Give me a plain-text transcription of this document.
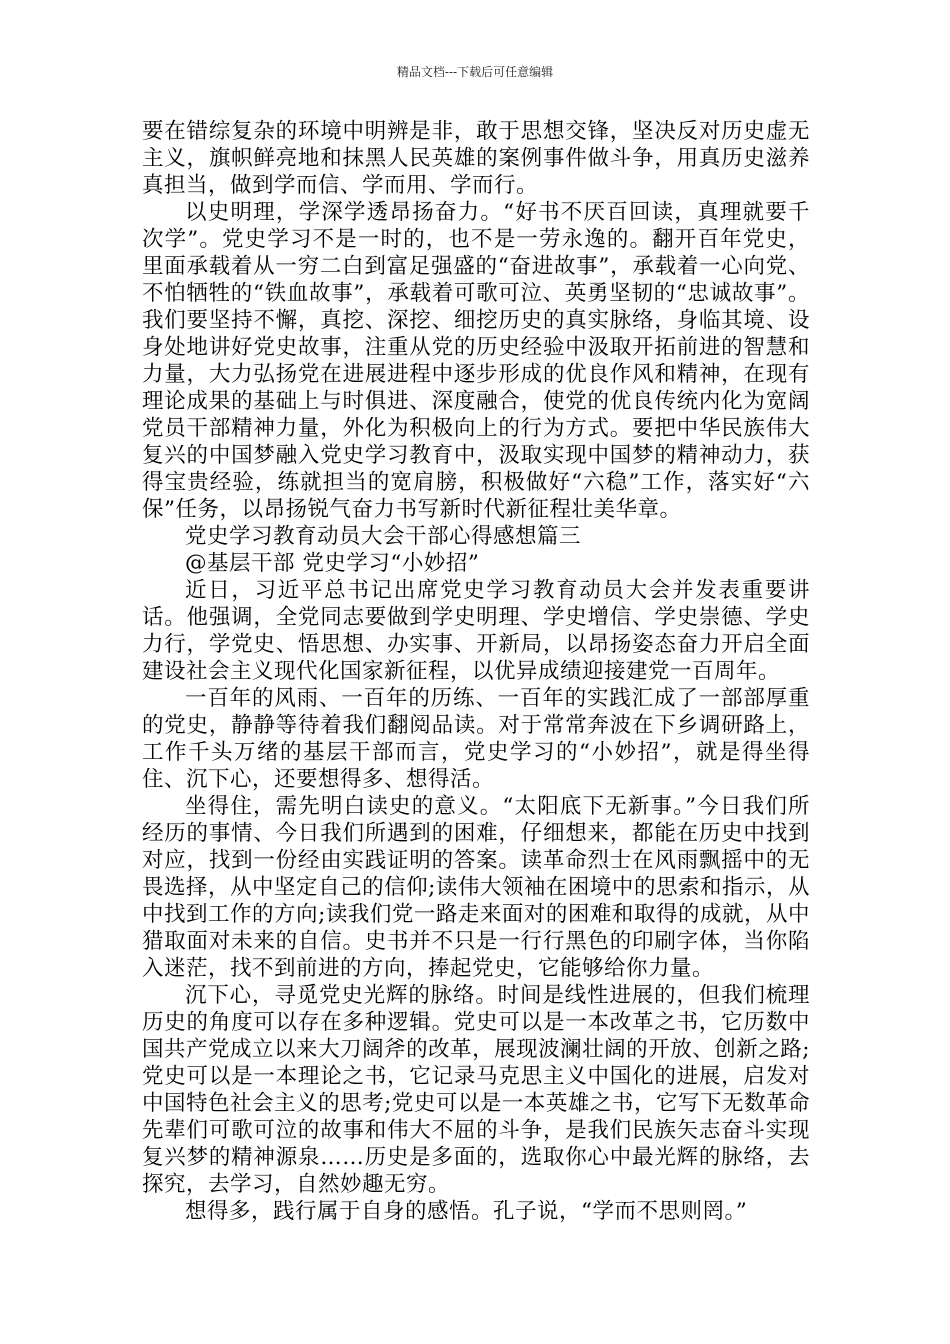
精品文档---下载后可任意编辑

要在错综复杂的环境中明辨是非，敢于思想交锋，坚决反对历史虚无主义，旗帜鲜亮地和抹黑人民英雄的案例事件做斗争，用真历史滋养真担当，做到学而信、学而用、学而行。

以史明理，学深学透昂扬奋力。“好书不厌百回读，真理就要千次学”。党史学习不是一时的，也不是一劳永逸的。翻开百年党史，里面承载着从一穷二白到富足强盛的“奋进故事”，承载着一心向党、不怕牺牲的“铁血故事”，承载着可歌可泣、英勇坚韧的“忠诚故事”。我们要坚持不懈，真挖、深挖、细挖历史的真实脉络，身临其境、设身处地讲好党史故事，注重从党的历史经验中汲取开拓前进的智慧和力量，大力弘扬党在进展进程中逐步形成的优良作风和精神，在现有理论成果的基础上与时俱进、深度融合，使党的优良传统内化为宽阔党员干部精神力量，外化为积极向上的行为方式。要把中华民族伟大复兴的中国梦融入党史学习教育中，汲取实现中国梦的精神动力，获得宝贵经验，练就担当的宽肩膀，积极做好“六稳”工作，落实好“六保”任务，以昂扬锐气奋力书写新时代新征程壮美华章。

党史学习教育动员大会干部心得感想篇三

@基层干部 党史学习“小妙招”

近日，习近平总书记出席党史学习教育动员大会并发表重要讲话。他强调，全党同志要做到学史明理、学史增信、学史崇德、学史力行，学党史、悟思想、办实事、开新局，以昂扬姿态奋力开启全面建设社会主义现代化国家新征程，以优异成绩迎接建党一百周年。

一百年的风雨、一百年的历练、一百年的实践汇成了一部部厚重的党史，静静等待着我们翻阅品读。对于常常奔波在下乡调研路上，工作千头万绪的基层干部而言，党史学习的“小妙招”，就是得坐得住、沉下心，还要想得多、想得活。

坐得住，需先明白读史的意义。“太阳底下无新事。”今日我们所经历的事情、今日我们所遇到的困难，仔细想来，都能在历史中找到对应，找到一份经由实践证明的答案。读革命烈士在风雨飘摇中的无畏选择，从中坚定自己的信仰;读伟大领袖在困境中的思索和指示，从中找到工作的方向;读我们党一路走来面对的困难和取得的成就，从中猎取面对未来的自信。史书并不只是一行行黑色的印刷字体，当你陷入迷茫，找不到前进的方向，捧起党史，它能够给你力量。

沉下心，寻觅党史光辉的脉络。时间是线性进展的，但我们梳理历史的角度可以存在多种逻辑。党史可以是一本改革之书，它历数中国共产党成立以来大刀阔斧的改革，展现波澜壮阔的开放、创新之路;党史可以是一本理论之书，它记录马克思主义中国化的进展，启发对中国特色社会主义的思考;党史可以是一本英雄之书，它写下无数革命先辈们可歌可泣的故事和伟大不屈的斗争，是我们民族矢志奋斗实现复兴梦的精神源泉……历史是多面的，选取你心中最光辉的脉络，去探究，去学习，自然妙趣无穷。

想得多，践行属于自身的感悟。孔子说，“学而不思则罔。”
